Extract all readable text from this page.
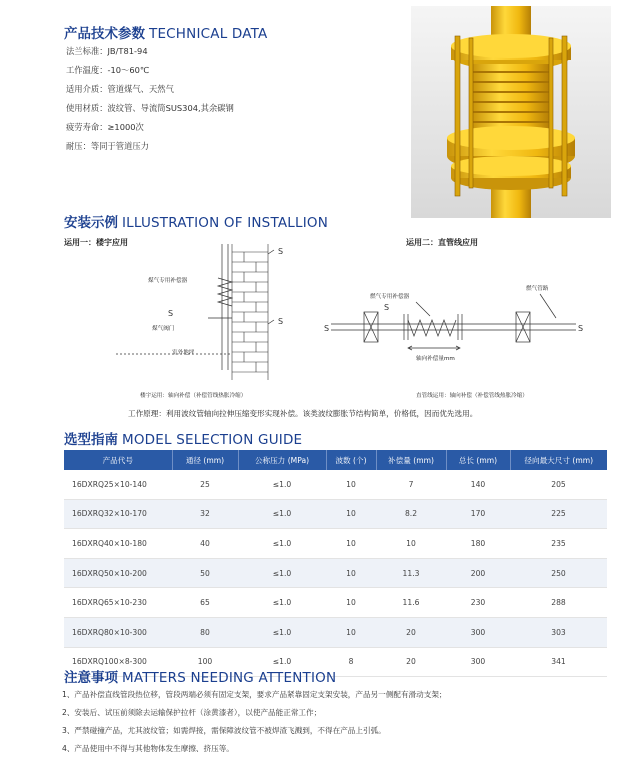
产品技术参数 TECHNICAL DATA
法兰标准：JB/T81-94
工作温度：-10～60℃
适用介质：管道煤气、天然气
使用材质：波纹管、导流筒SUS304,其余碳钢
疲劳寿命：≥1000次
耐压：等同于管道压力
安装示例 ILLUSTRATION OF INSTALLION
运用一：楼宇应用	运用二：直管线应用
S
S
S
煤气专用补偿器
煤气阀门
室外地坪
楼宇运用：轴向补偿（补偿管线热胀冷缩）
S
S
S
燃气专用补偿器
燃气管路
轴向补偿量mm
直管线运用：轴向补偿（补偿管线热胀冷缩）
工作原理：利用波纹管轴向拉伸压缩变形实现补偿。该类波纹膨胀节结构简单，价格低，因而优先选用。
选型指南 MODEL SELECTION GUIDE
产品代号	通径 (mm)	公称压力 (MPa)	波数 (个)	补偿量 (mm)	总长 (mm)	径向最大尺寸 (mm)
16DXRQ25×10-140	25	≤1.0	10	7	140	205
16DXRQ32×10-170	32	≤1.0	10	8.2	170	225
16DXRQ40×10-180	40	≤1.0	10	10	180	235
16DXRQ50×10-200	50	≤1.0	10	11.3	200	250
16DXRQ65×10-230	65	≤1.0	10	11.6	230	288
16DXRQ80×10-300	80	≤1.0	10	20	300	303
16DXRQ100×8-300	100	≤1.0	8	20	300	341
注意事项 MATTERS NEEDING ATTENTION
1、产品补偿直线管段热位移，管段两端必须有固定支架，要求产品紧靠固定支架安装，产品另一侧配有滑动支架；
2、安装后、试压前须除去运输保护拉杆（涂黄漆者），以使产品能正常工作；
3、严禁碰撞产品，尤其波纹管；如需焊接，需保障波纹管不被焊渣飞溅到，不得在产品上引弧。
4、产品使用中不得与其他物体发生摩擦、挤压等。
